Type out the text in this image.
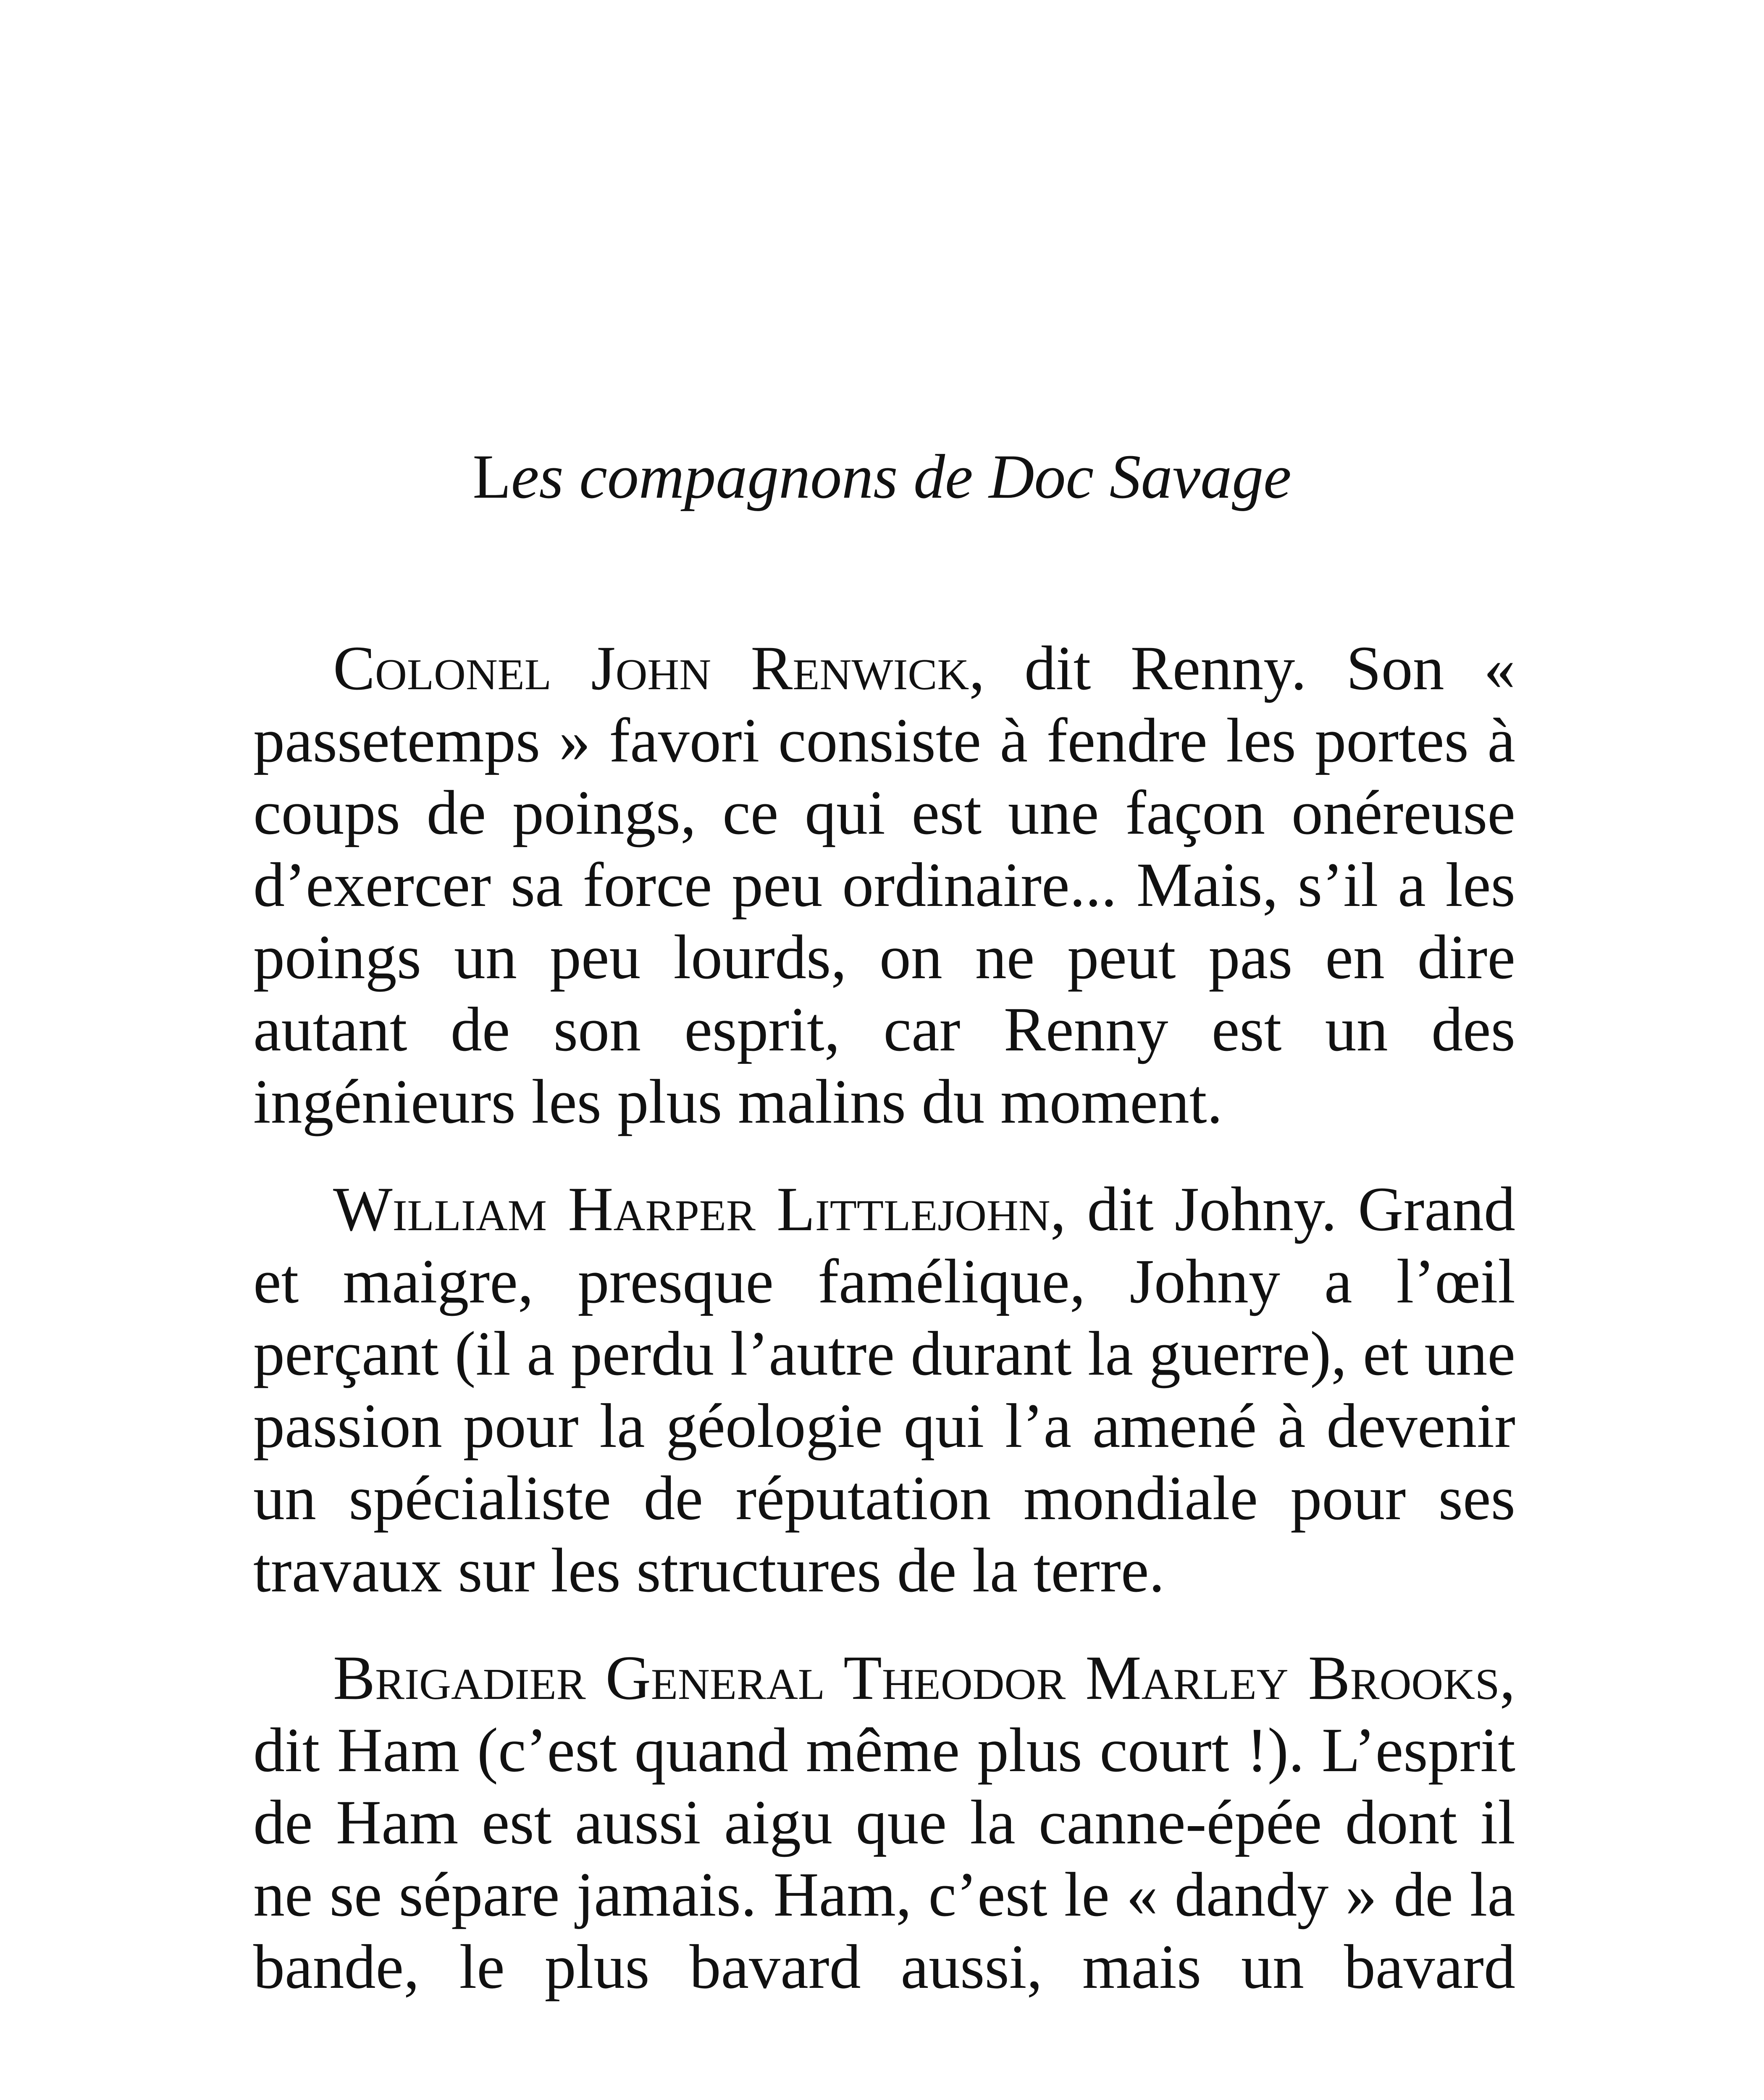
Les compagnons de Doc Savage

Colonel John Renwick, dit Renny. Son « passetemps » favori consiste à fendre les portes à coups de poings, ce qui est une façon onéreuse d’exercer sa force peu ordinaire... Mais, s’il a les poings un peu lourds, on ne peut pas en dire autant de son esprit, car Renny est un des ingénieurs les plus malins du moment.

William Harper Littlejohn, dit Johny. Grand et maigre, presque famélique, Johny a l’œil perçant (il a perdu l’autre durant la guerre), et une passion pour la géologie qui l’a amené à devenir un spécialiste de réputation mondiale pour ses travaux sur les structures de la terre.

Brigadier General Theodor Marley Brooks, dit Ham (c’est quand même plus court !). L’esprit de Ham est aussi aigu que la canne-épée dont il ne se sépare jamais. Ham, c’est le « dandy » de la bande, le plus bavard aussi, mais un bavard
